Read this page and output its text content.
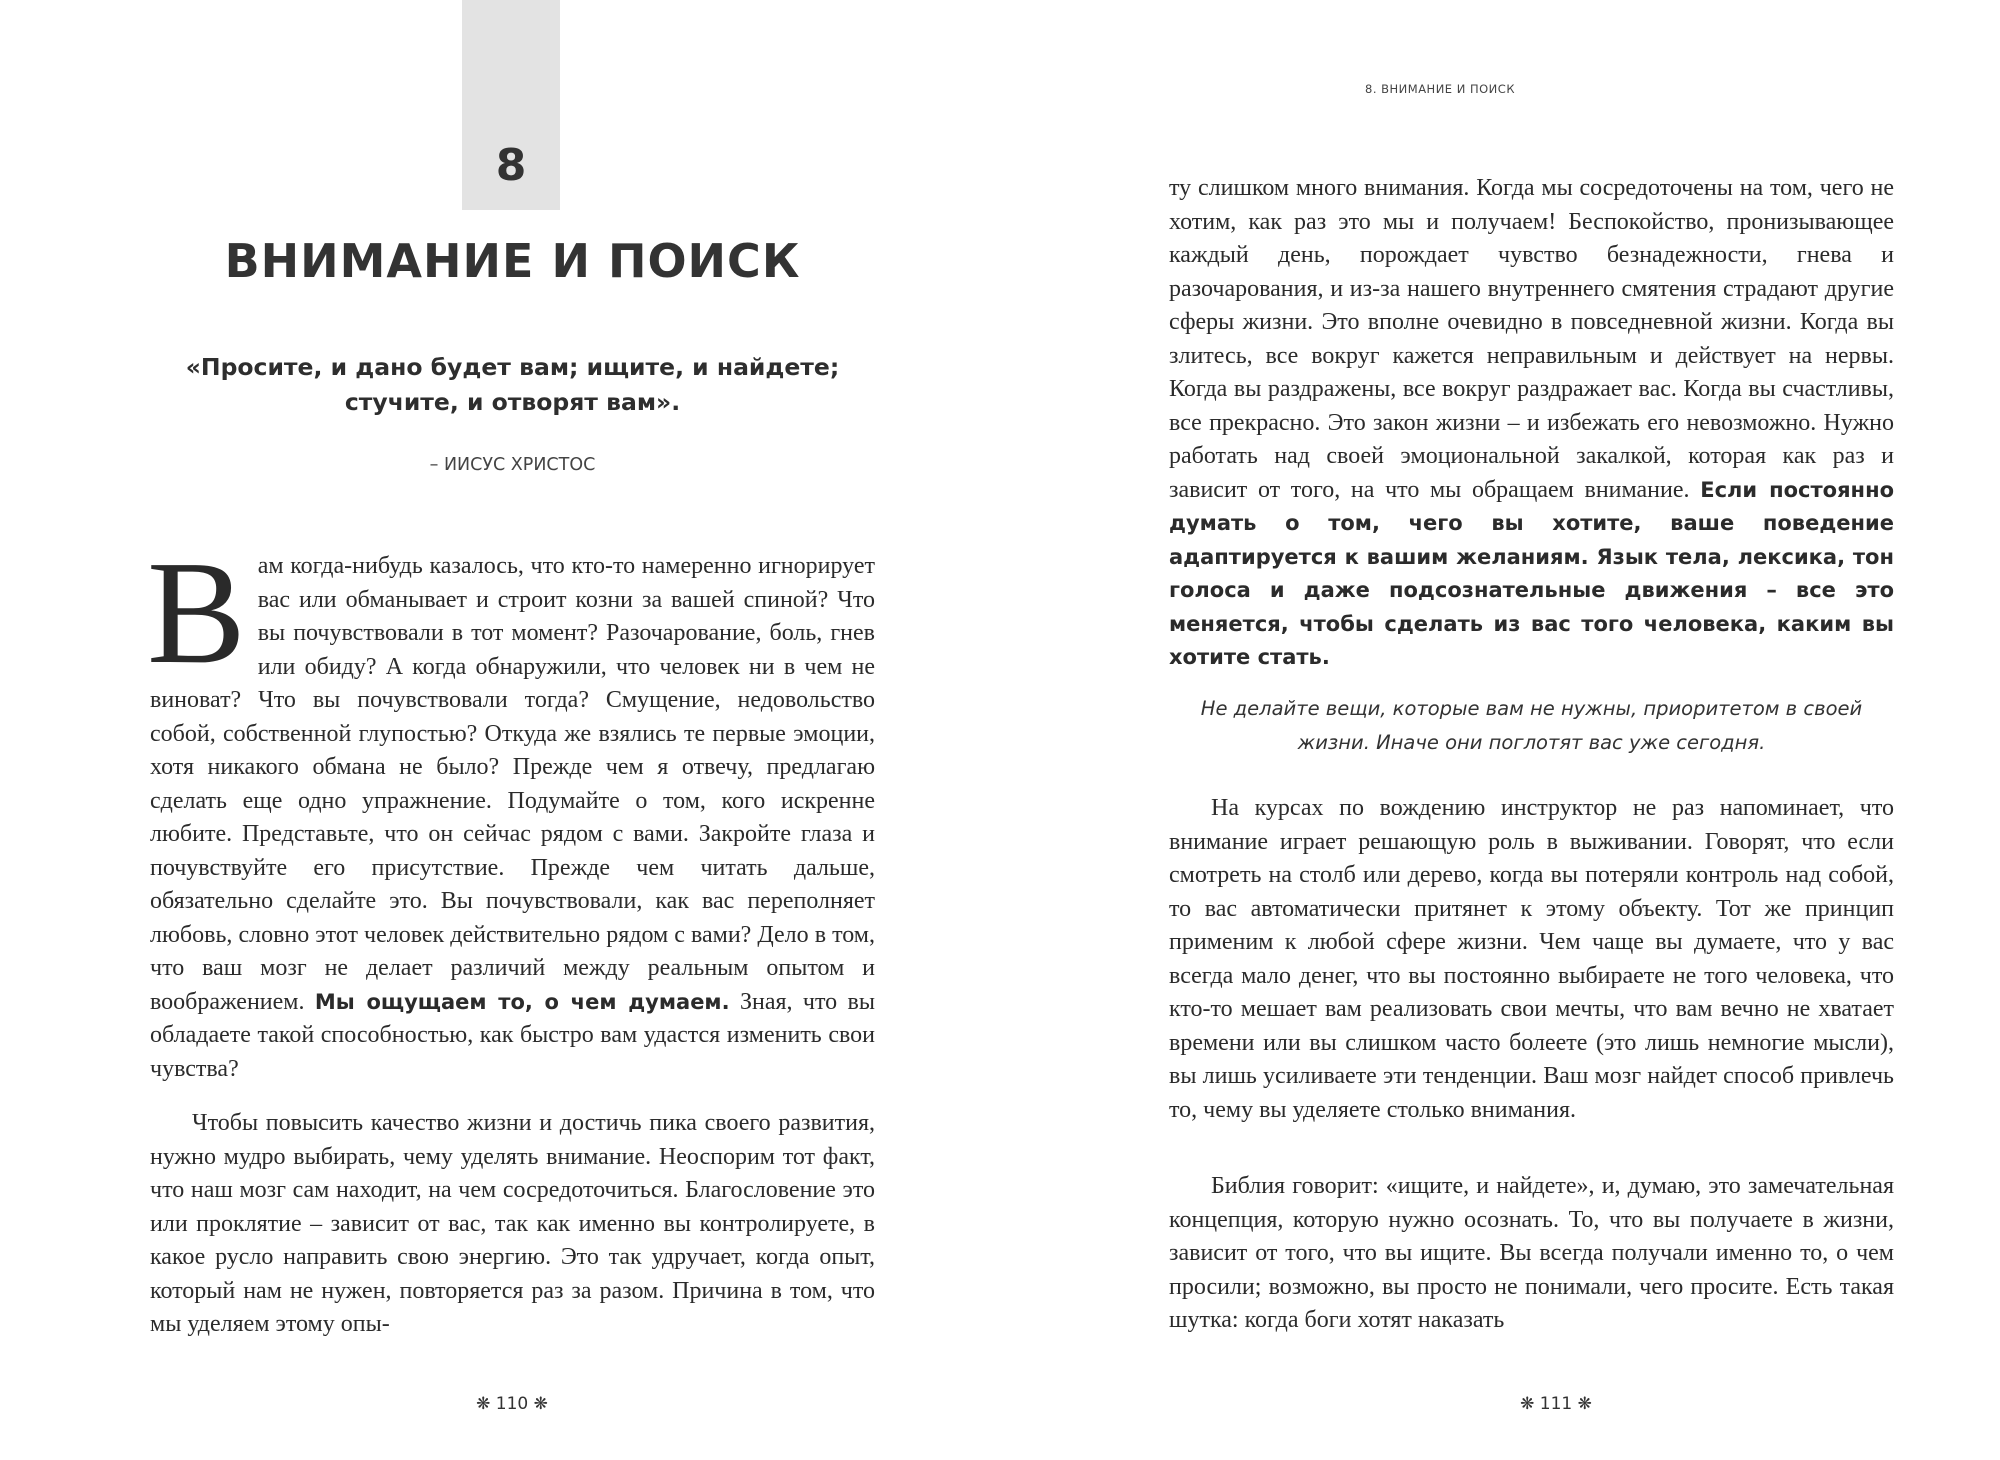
8
ВНИМАНИЕ И ПОИСК
«Просите, и дано будет вам; ищите, и найдете; стучите, и отворят вам».
– ИИСУС ХРИСТОС

Вам когда-нибудь казалось, что кто-то намеренно игнорирует вас или обманывает и строит козни за вашей спиной? Что вы почувствовали в тот момент? Разочарование, боль, гнев или обиду? А когда обнаружили, что человек ни в чем не виноват? Что вы почувствовали тогда? Смущение, недовольство собой, собственной глупостью? Откуда же взялись те первые эмоции, хотя никакого обмана не было? Прежде чем я отвечу, предлагаю сделать еще одно упражнение. Подумайте о том, кого искренне любите. Представьте, что он сейчас рядом с вами. Закройте глаза и почувствуйте его присутствие. Прежде чем читать дальше, обязательно сделайте это. Вы почувствовали, как вас переполняет любовь, словно этот человек действительно рядом с вами? Дело в том, что ваш мозг не делает различий между реальным опытом и воображением. Мы ощущаем то, о чем думаем. Зная, что вы обладаете такой способностью, как быстро вам удастся изменить свои чувства?

Чтобы повысить качество жизни и достичь пика своего развития, нужно мудро выбирать, чему уделять внимание. Неоспорим тот факт, что наш мозг сам находит, на чем сосредоточиться. Благословение это или проклятие – зависит от вас, так как именно вы контролируете, в какое русло направить свою энергию. Это так удручает, когда опыт, который нам не нужен, повторяется раз за разом. Причина в том, что мы уделяем этому опы-

❋ 110 ❋
8. ВНИМАНИЕ И ПОИСК

ту слишком много внимания. Когда мы сосредоточены на том, чего не хотим, как раз это мы и получаем! Беспокойство, пронизывающее каждый день, порождает чувство безнадежности, гнева и разочарования, и из-за нашего внутреннего смятения страдают другие сферы жизни. Это вполне очевидно в повседневной жизни. Когда вы злитесь, все вокруг кажется неправильным и действует на нервы. Когда вы раздражены, все вокруг раздражает вас. Когда вы счастливы, все прекрасно. Это закон жизни – и избежать его невозможно. Нужно работать над своей эмоциональной закалкой, которая как раз и зависит от того, на что мы обращаем внимание. Если постоянно думать о том, чего вы хотите, ваше поведение адаптируется к вашим желаниям. Язык тела, лексика, тон голоса и даже подсознательные движения – все это меняется, чтобы сделать из вас того человека, каким вы хотите стать.

Не делайте вещи, которые вам не нужны, приоритетом в своей жизни. Иначе они поглотят вас уже сегодня.

На курсах по вождению инструктор не раз напоминает, что внимание играет решающую роль в выживании. Говорят, что если смотреть на столб или дерево, когда вы потеряли контроль над собой, то вас автоматически притянет к этому объекту. Тот же принцип применим к любой сфере жизни. Чем чаще вы думаете, что у вас всегда мало денег, что вы постоянно выбираете не того человека, что кто-то мешает вам реализовать свои мечты, что вам вечно не хватает времени или вы слишком часто болеете (это лишь немногие мысли), вы лишь усиливаете эти тенденции. Ваш мозг найдет способ привлечь то, чему вы уделяете столько внимания.

Библия говорит: «ищите, и найдете», и, думаю, это замечательная концепция, которую нужно осознать. То, что вы получаете в жизни, зависит от того, что вы ищите. Вы всегда получали именно то, о чем просили; возможно, вы просто не понимали, чего просите. Есть такая шутка: когда боги хотят наказать

❋ 111 ❋
